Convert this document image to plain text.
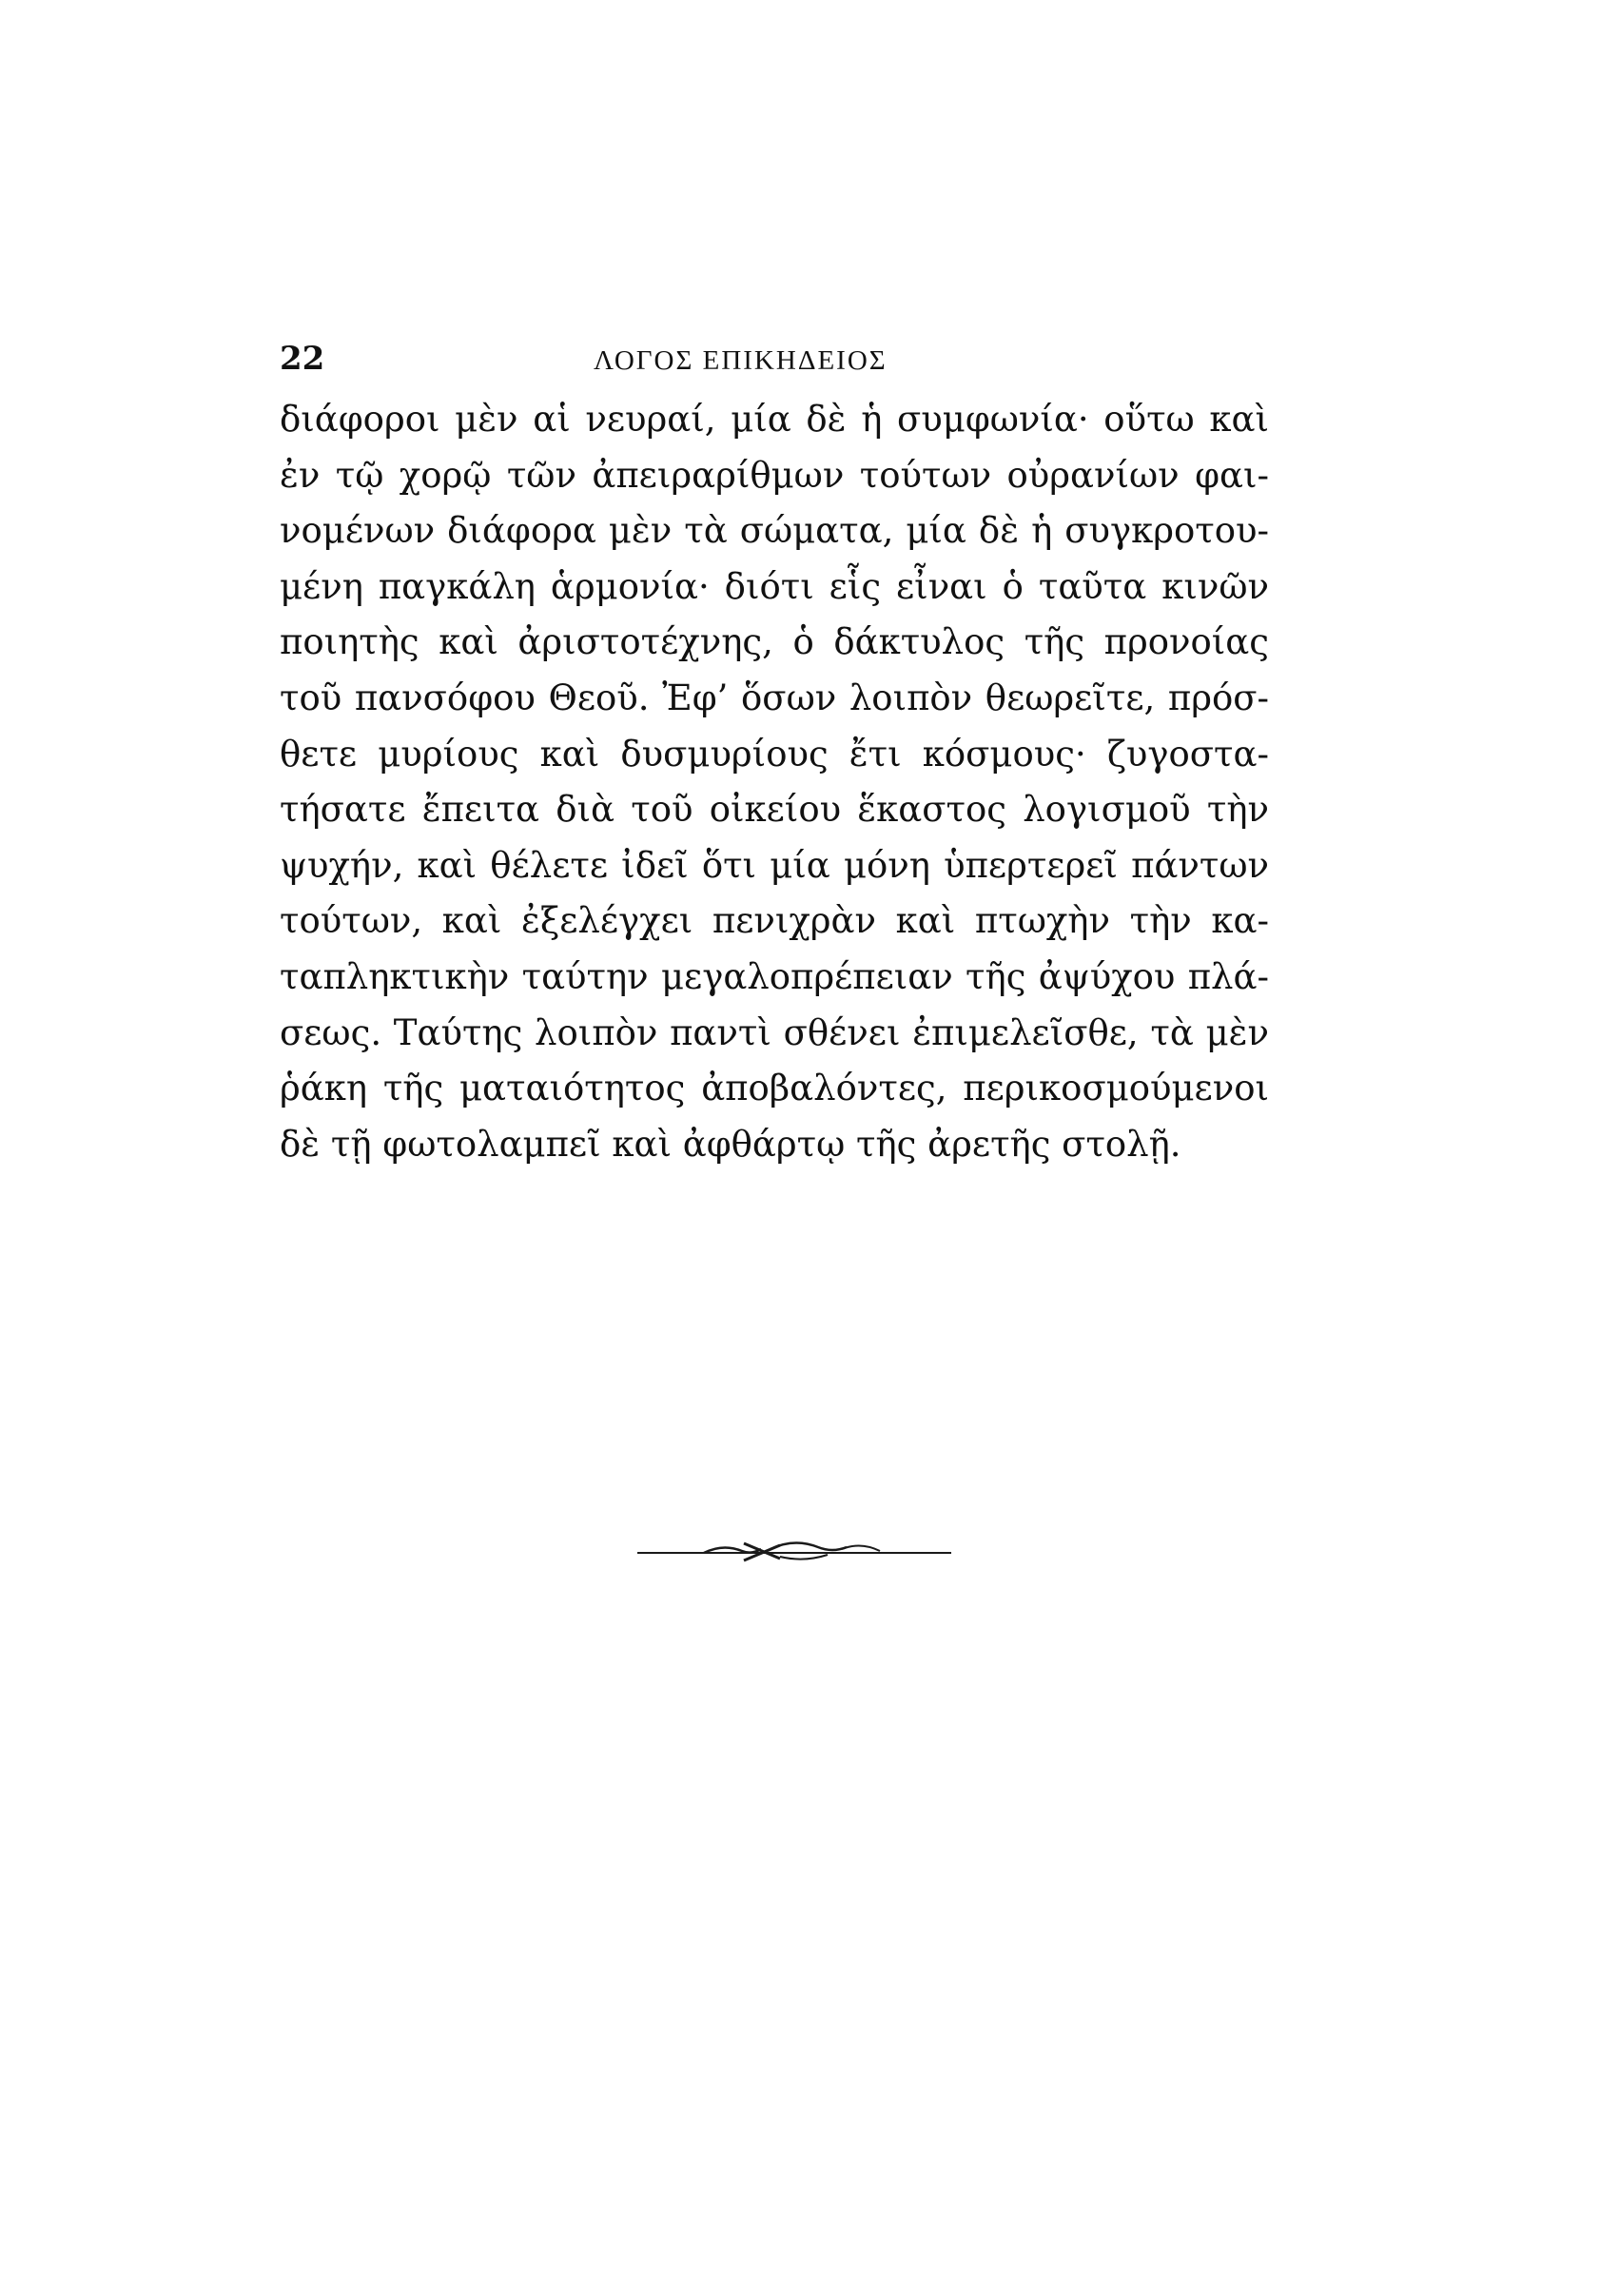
22	ΛΟΓΟΣ ΕΠΙΚΗΔΕΙΟΣ
διάφοροι μὲν αἱ νευραί, μία δὲ ἡ συμφωνία· οὕτω καὶ
ἐν τῷ χορῷ τῶν ἀπειραρίθμων τούτων οὐρανίων φαι-
νομένων διάφορα μὲν τὰ σώματα, μία δὲ ἡ συγκροτου-
μένη παγκάλη ἁρμονία· διότι εἷς εἶναι ὁ ταῦτα κινῶν
ποιητὴς καὶ ἀριστοτέχνης, ὁ δάκτυλος τῆς προνοίας
τοῦ πανσόφου Θεοῦ. Ἐφ’ ὅσων λοιπὸν θεωρεῖτε, πρόσ-
θετε μυρίους καὶ δυσμυρίους ἔτι κόσμους· ζυγοστα-
τήσατε ἔπειτα διὰ τοῦ οἰκείου ἕκαστος λογισμοῦ τὴν
ψυχήν, καὶ θέλετε ἰδεῖ ὅτι μία μόνη ὑπερτερεῖ πάντων
τούτων, καὶ ἐξελέγχει πενιχρὰν καὶ πτωχὴν τὴν κα-
ταπληκτικὴν ταύτην μεγαλοπρέπειαν τῆς ἀψύχου πλά-
σεως. Ταύτης λοιπὸν παντὶ σθένει ἐπιμελεῖσθε, τὰ μὲν
ῥάκη τῆς ματαιότητος ἀποβαλόντες, περικοσμούμενοι
δὲ τῇ φωτολαμπεῖ καὶ ἀφθάρτῳ τῆς ἀρετῆς στολῇ.
